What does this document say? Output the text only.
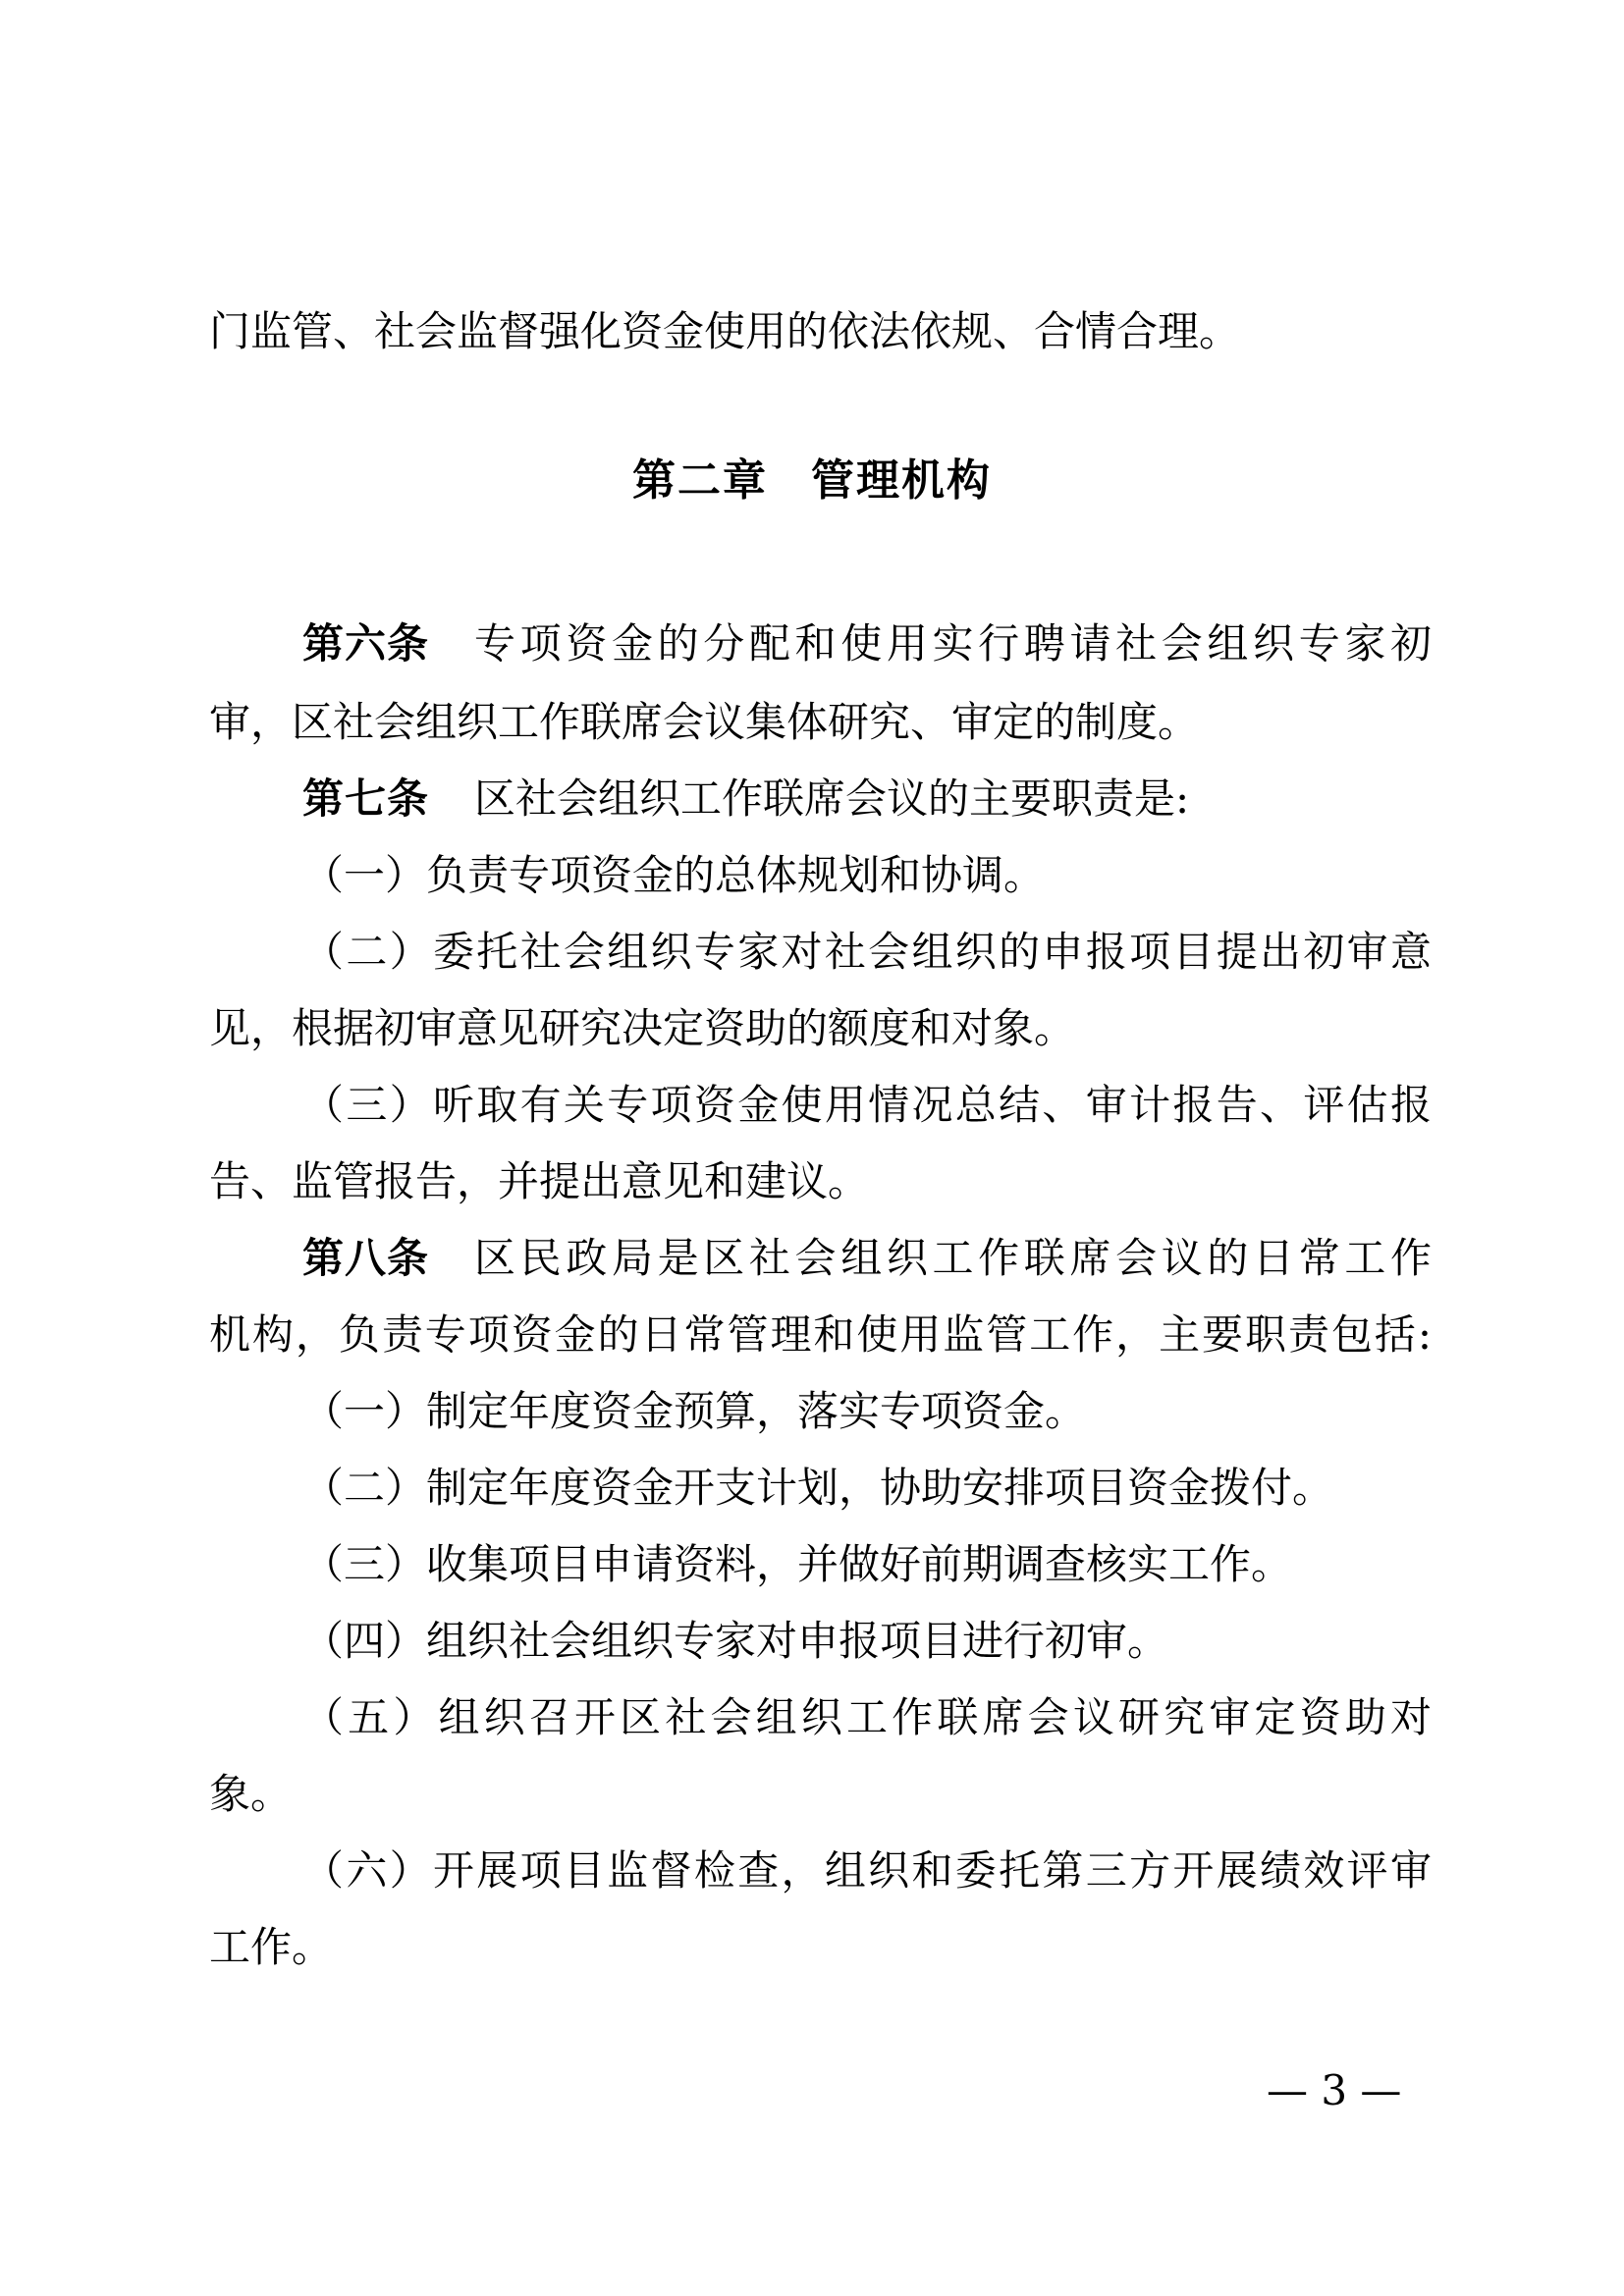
门监管、社会监督强化资金使用的依法依规、合情合理。

第二章 管理机构
第六条 专项资金的分配和使用实行聘请社会组织专家初

审，区社会组织工作联席会议集体研究、审定的制度。

第七条 区社会组织工作联席会议的主要职责是:

（一）负责专项资金的总体规划和协调。

（二）委托社会组织专家对社会组织的申报项目提出初审意

见，根据初审意见研究决定资助的额度和对象。

（三）听取有关专项资金使用情况总结、审计报告、评估报

告、监管报告，并提出意见和建议。

第八条 区民政局是区社会组织工作联席会议的日常工作

机构，负责专项资金的日常管理和使用监管工作，主要职责包括:

（一）制定年度资金预算，落实专项资金。

（二）制定年度资金开支计划，协助安排项目资金拨付。

（三）收集项目申请资料，并做好前期调查核实工作。

（四）组织社会组织专家对申报项目进行初审。

（五）组织召开区社会组织工作联席会议研究审定资助对

象。

（六）开展项目监督检查，组织和委托第三方开展绩效评审

工作。

— 3 —
